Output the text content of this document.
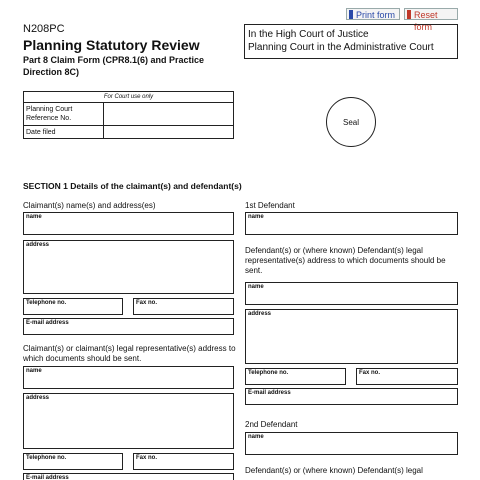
Print form	Reset form
N208PC
Planning Statutory Review
Part 8 Claim Form (CPR8.1(6) and Practice Direction 8C)
In the High Court of Justice
Planning Court in the Administrative Court
For Court use only
Planning Court Reference No.
Date filed
Seal
SECTION 1 Details of the claimant(s) and defendant(s)
Claimant(s) name(s) and address(es)
name
address
Telephone no.	Fax no.
E-mail address
Claimant(s) or claimant(s) legal representative(s) address to which documents should be sent.
name
address
Telephone no.	Fax no.
E-mail address
1st Defendant
name
Defendant(s) or (where known) Defendant(s) legal representative(s) address to which documents should be sent.
name
address
Telephone no.	Fax no.
E-mail address
2nd Defendant
name
Defendant(s) or (where known) Defendant(s) legal
